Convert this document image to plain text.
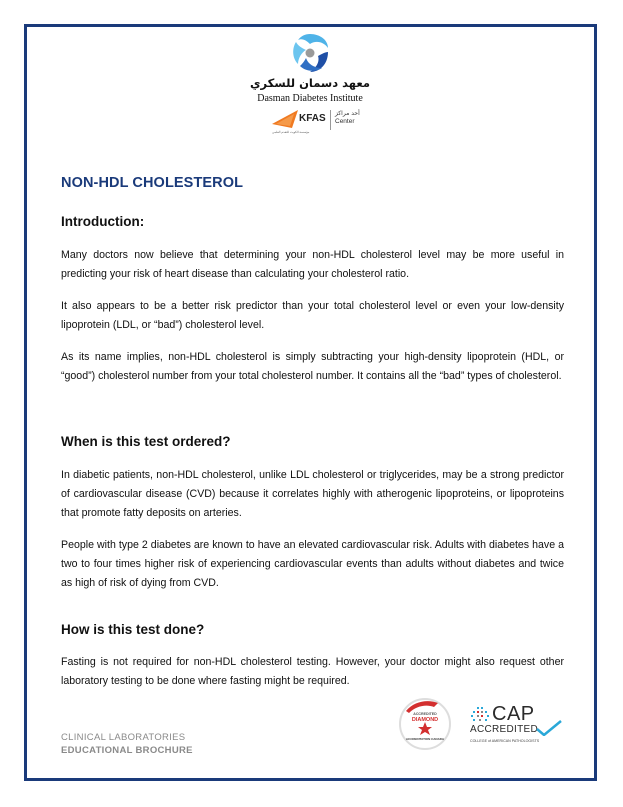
معهد دسمان للسكري
Dasman Diabetes Institute
KFAS أحد مراكز
Center
مؤسسة الكويت للتقدم العلمي
NON-HDL CHOLESTEROL
Introduction:

Many doctors now believe that determining your non-HDL cholesterol level may be more useful in predicting your risk of heart disease than calculating your cholesterol ratio.

It also appears to be a better risk predictor than your total cholesterol level or even your low-density lipoprotein (LDL, or “bad”) cholesterol level.

As its name implies, non-HDL cholesterol is simply subtracting your high-density lipoprotein (HDL, or “good”) cholesterol number from your total cholesterol number. It contains all the “bad” types of cholesterol.

When is this test ordered?

In diabetic patients, non-HDL cholesterol, unlike LDL cholesterol or triglycerides, may be a strong predictor of cardiovascular disease (CVD) because it correlates highly with atherogenic lipoproteins, or lipoproteins that promote fatty deposits on arteries.

People with type 2 diabetes are known to have an elevated cardiovascular risk. Adults with diabetes have a two to four times higher risk of experiencing cardiovascular events than adults without diabetes and twice as high of risk of dying from CVD.

How is this test done?

Fasting is not required for non-HDL cholesterol testing. However, your doctor might also request other laboratory testing to be done where fasting might be required.

CLINICAL LABORATORIES
EDUCATIONAL BROCHURE
ACCREDITED
DIAMOND
ACCREDITATION CANADA
CAP
ACCREDITED
COLLEGE of AMERICAN PATHOLOGISTS
